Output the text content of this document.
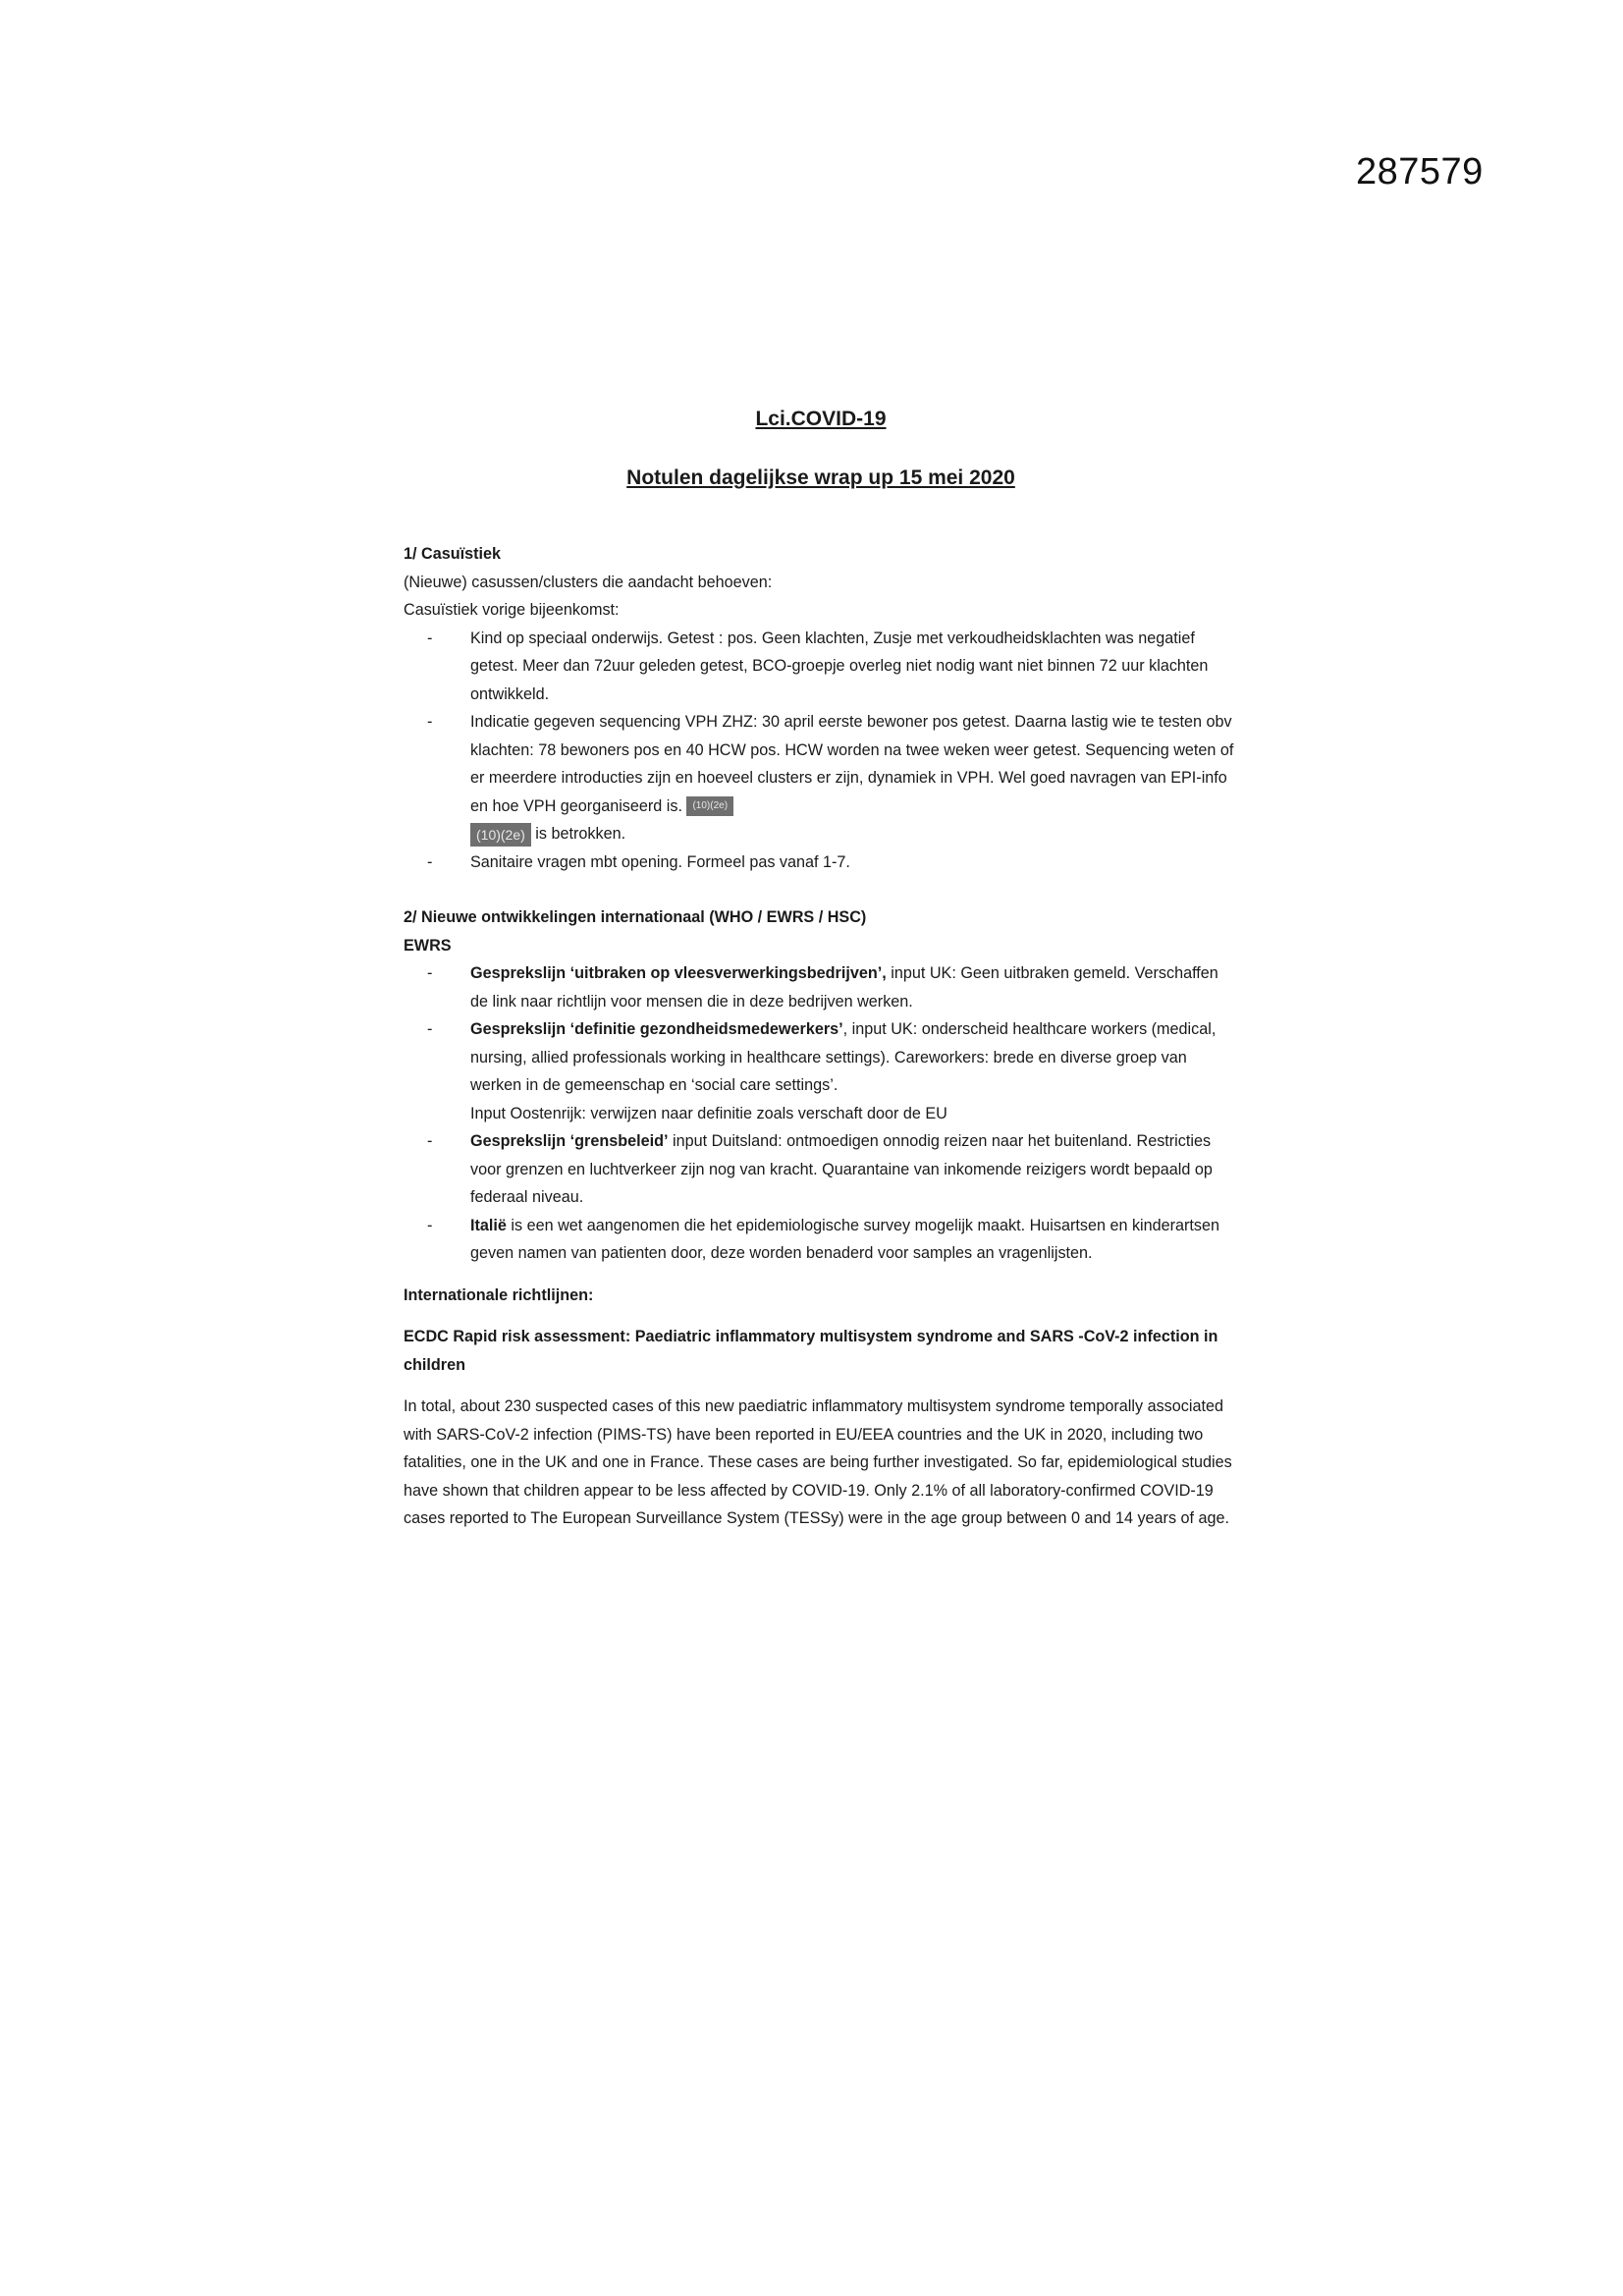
287579
Lci.COVID-19
Notulen dagelijkse wrap up 15 mei 2020

1/ Casuïstiek

(Nieuwe) casussen/clusters die aandacht behoeven:

Casuïstiek vorige bijeenkomst:

- Kind op speciaal onderwijs. Getest : pos. Geen klachten, Zusje met verkoudheidsklachten was negatief getest. Meer dan 72uur geleden getest, BCO-groepje overleg niet nodig want niet binnen 72 uur klachten ontwikkeld.
- Indicatie gegeven sequencing VPH ZHZ: 30 april eerste bewoner pos getest. Daarna lastig wie te testen obv klachten: 78 bewoners pos en 40 HCW pos. HCW worden na twee weken weer getest. Sequencing weten of er meerdere introducties zijn en hoeveel clusters er zijn, dynamiek in VPH. Wel goed navragen van EPI-info en hoe VPH georganiseerd is. (10)(2e)
(10)(2e) is betrokken.
- Sanitaire vragen mbt opening. Formeel pas vanaf 1-7.

2/ Nieuwe ontwikkelingen internationaal (WHO / EWRS / HSC)

EWRS

- Gesprekslijn ‘uitbraken op vleesverwerkingsbedrijven’, input UK: Geen uitbraken gemeld. Verschaffen de link naar richtlijn voor mensen die in deze bedrijven werken.
- Gesprekslijn ‘definitie gezondheidsmedewerkers’, input UK: onderscheid healthcare workers (medical, nursing, allied professionals working in healthcare settings). Careworkers: brede en diverse groep van werken in de gemeenschap en ‘social care settings’.
Input Oostenrijk: verwijzen naar definitie zoals verschaft door de EU
- Gesprekslijn ‘grensbeleid’ input Duitsland: ontmoedigen onnodig reizen naar het buitenland. Restricties voor grenzen en luchtverkeer zijn nog van kracht. Quarantaine van inkomende reizigers wordt bepaald op federaal niveau.
- Italië is een wet aangenomen die het epidemiologische survey mogelijk maakt. Huisartsen en kinderartsen geven namen van patienten door, deze worden benaderd voor samples an vragenlijsten.

Internationale richtlijnen:

ECDC Rapid risk assessment: Paediatric inflammatory multisystem syndrome and SARS -CoV-2 infection in children

In total, about 230 suspected cases of this new paediatric inflammatory multisystem syndrome temporally associated with SARS-CoV-2 infection (PIMS-TS) have been reported in EU/EEA countries and the UK in 2020, including two fatalities, one in the UK and one in France. These cases are being further investigated. So far, epidemiological studies have shown that children appear to be less affected by COVID-19. Only 2.1% of all laboratory-confirmed COVID-19 cases reported to The European Surveillance System (TESSy) were in the age group between 0 and 14 years of age.
